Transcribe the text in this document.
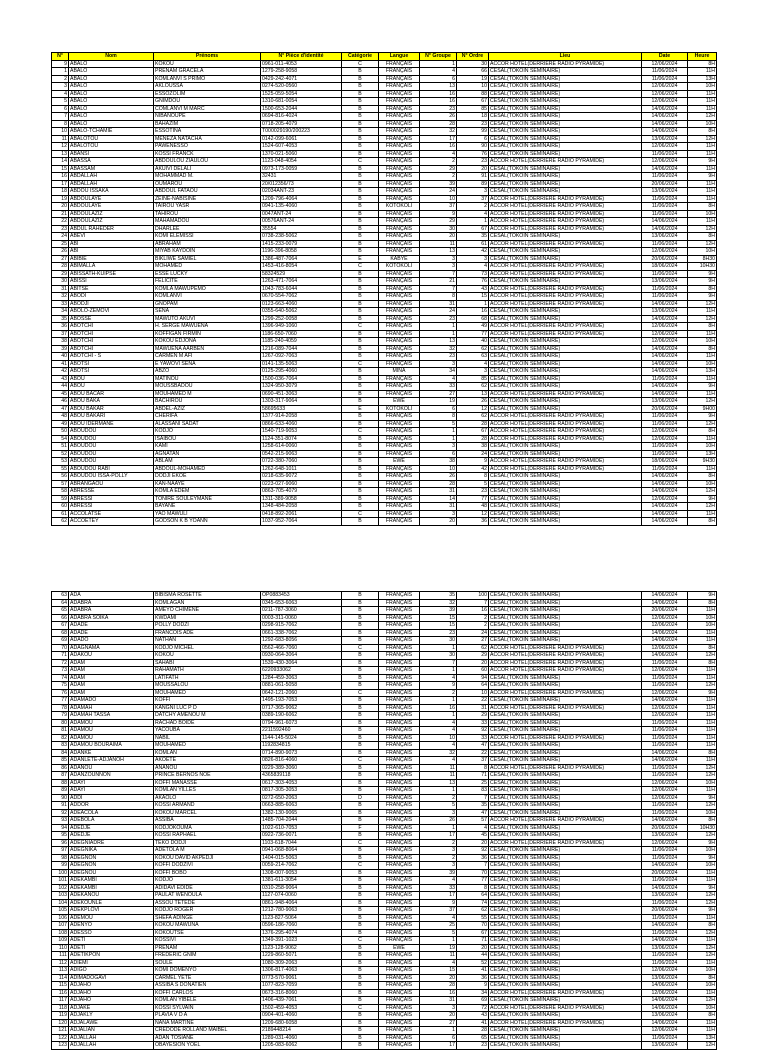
N°	Nom	Prénoms	N° Pièce d'identité	Catégorie	Langue	N° Groupe	N° Ordre	Lieu	Date	Heure
9	ABALO	KOKOU	0961-011-4053	C	FRANÇAIS	1	30	ACCOR HOTEL(DERRIERE RADIO PYRAMIDE)	12/06/2024	8H
1	ABALO	PRENAM GRACELA	1279-258-9058	B	FRANÇAIS	4	66	CESAL(TOKOIN SEMINAIRE)	11/06/2024	11H
2	ABALO	KOMLANVI S PRIMO	0429-242-4071	B	FRANÇAIS	6	19	CESAL(TOKOIN SEMINAIRE)	11/06/2024	13H
3	ABALO	AKLOUSSA	0274-520-0560	B	FRANÇAIS	13	10	CESAL(TOKOIN SEMINAIRE)	12/06/2024	10H
4	ABALO	ESSOZOLIM	1525-059-5054	B	FRANÇAIS	16	88	CESAL(TOKOIN SEMINAIRE)	12/06/2024	11H
5	ABALO	GNIMDOU	1310-681-0054	B	FRANÇAIS	16	67	CESAL(TOKOIN SEMINAIRE)	12/06/2024	11H
6	ABALO	COMLANVI M MARC	1500-653-2044	B	FRANÇAIS	23	85	CESAL(TOKOIN SEMINAIRE)	14/06/2024	11H
7	ABALO	NIBANOUPE	0694-816-4024	B	FRANÇAIS	26	18	CESAL(TOKOIN SEMINAIRE)	14/06/2024	12H
8	ABALO	BAHAZIM	0718-205-4079	B	FRANÇAIS	28	23	CESAL(TOKOIN SEMINAIRE)	14/06/2024	10H
10	ABALO-TCHAMIE	ESSOTINA	T000029190/200223	B	FRANÇAIS	32	99	CESAL(TOKOIN SEMINAIRE)	14/06/2024	8H
11	ABALOTOU	MENEZA NATACHA	0142-099-6061	B	FRANÇAIS	17	6	CESAL(TOKOIN SEMINAIRE)	13/06/2024	12H
12	ABALOTOU	PAWENESSO	1524-607-4053	B	FRANÇAIS	16	90	CESAL(TOKOIN SEMINAIRE)	12/06/2024	11H
13	ABANSI	KOSSI FRANCK	1370-021-5060	B	FRANÇAIS	4	76	CESAL(TOKOIN SEMINAIRE)	11/06/2024	11H
14	ABASSA	ABDOULOU ZIAULOU	1123-048-4054	C	FRANÇAIS	2	23	ACCOR HOTEL(DERRIERE RADIO PYRAMIDE)	12/06/2024	9H
15	ABASSAM	AKUIVI DELALI	0973-173-0059	B	FRANÇAIS	29	20	CESAL(TOKOIN SEMINAIRE)	14/06/2024	11H
16	ABDALLAH	MOHAMMAD M.	32431	B	FRANÇAIS	2	91	CESAL(TOKOIN SEMINAIRE)	11/06/2024	9H
17	ABDALLAH	OUMAROU	20/012356/73	B	FRANÇAIS	39	89	CESAL(TOKOIN SEMINAIRE)	20/06/2024	11H
18	ABDOU ISSAKA	ABDOUL FATAOU	02034ANT-23	B	FRANÇAIS	24	3	CESAL(TOKOIN SEMINAIRE)	13/06/2024	11H
19	ABDOULAYE	ZEINE-NABISINE	1209-796-4064	B	FRANÇAIS	10	37	ACCOR HOTEL(DERRIERE RADIO PYRAMIDE)	11/06/2024	11H
20	ABDOULAYE	TAIROU YASR	0941-135-4060	B	KOTOKOLI	37	2	ACCOR HOTEL(DERRIERE RADIO PYRAMIDE)	11/06/2024	8H
21	ABDOULAZIZ	TAHIROU	0047ANT-24	B	FRANÇAIS	9	4	ACCOR HOTEL(DERRIERE RADIO PYRAMIDE)	11/06/2024	10H
22	ABDOULAZIZ	MAHAMADOU	00576ANT-24	B	FRANÇAIS	29	1	ACCOR HOTEL(DERRIERE RADIO PYRAMIDE)	14/06/2024	11H
23	ABDUL RAHEDER	DHARLEE	35554	B	FRANÇAIS	30	67	ACCOR HOTEL(DERRIERE RADIO PYRAMIDE)	14/06/2024	12H
24	ABEVI	KOMI ELEMISSI	0738-238-5062	B	FRANÇAIS	20	35	CESAL(TOKOIN SEMINAIRE)	13/06/2024	8H
25	ABI	ABRAHAM	1415-233-0079	B	FRANÇAIS	11	61	ACCOR HOTEL(DERRIERE RADIO PYRAMIDE)	11/06/2024	12H
26	ABI	MIYAB KAYDOIN	1196-396-8058	B	FRANÇAIS	13	42	CESAL(TOKOIN SEMINAIRE)	12/06/2024	10H
27	ABIBIE	BIKLIWE SAMIEL	1386-487-7064	E	KABYE	3	3	CESAL(TOKOIN SEMINAIRE)	20/06/2024	8H30
28	ABIMALLA	MOHAMED	1453-416-8054	C	KOTOKOLI	3	4	ACCOR HOTEL(DERRIERE RADIO PYRAMIDE)	18/06/2024	10H30
29	ABISSATH-KUIPSE	ESSE LUCKY	58324529	B	FRANÇAIS	7	73	ACCOR HOTEL(DERRIERE RADIO PYRAMIDE)	11/06/2024	9H
30	ABISSI	FELICITE	1263-471-7064	B	FRANÇAIS	21	76	CESAL(TOKOIN SEMINAIRE)	13/06/2024	9H
31	ABITSE	KOMLA MAWUPEMO	1043-783-6044	B	FRANÇAIS	7	43	ACCOR HOTEL(DERRIERE RADIO PYRAMIDE)	11/06/2024	8H
32	ABODI	KOMLANVI	0670-554-7062	B	FRANÇAIS	8	15	ACCOR HOTEL(DERRIERE RADIO PYRAMIDE)	11/06/2024	9H
33	ABODJI	GNOPAM	0123-663-4060	B	FRANÇAIS	31	1	ACCOR HOTEL(DERRIERE RADIO PYRAMIDE)	14/06/2024	12H
34	ABOLO-ZEMOVI	SENA	0355-640-5062	B	FRANÇAIS	24	16	CESAL(TOKOIN SEMINAIRE)	13/06/2024	11H
35	ABOSSE	MAWUTO AKUVI	1299-252-0058	B	FRANÇAIS	23	68	CESAL(TOKOIN SEMINAIRE)	14/06/2024	12H
36	ABOTCHI	H. SERGE MAWUENA	1396-949-1060	C	FRANÇAIS	1	49	ACCOR HOTEL(DERRIERE RADIO PYRAMIDE)	12/06/2024	8H
37	ABOTCHI	KOFFIGAN FIRMIN	1186-650-7060	B	FRANÇAIS	1	77	ACCOR HOTEL(DERRIERE RADIO PYRAMIDE)	12/06/2024	11H
38	ABOTCHI	KOKOU EDJONA	1185-240-4059	B	FRANÇAIS	13	40	CESAL(TOKOIN SEMINAIRE)	12/06/2024	10H
39	ABOTCHI	MAWUENA AARBEN	1216-089-7044	B	FRANÇAIS	32	62	CESAL(TOKOIN SEMINAIRE)	14/06/2024	8H
40	ABOTCHI - S	CARMEN M AFI	1267-092-7063	B	FRANÇAIS	23	63	CESAL(TOKOIN SEMINAIRE)	14/06/2024	11H
41	ABOTSI	E YAWOVI SENA	0141-135-5063	C	FRANÇAIS	3	4	CESAL(TOKOIN SEMINAIRE)	14/06/2024	10H
42	ABOTSI	ABZO	0125-295-4060	B	MINA	34	3	CESAL(TOKOIN SEMINAIRE)	14/06/2024	13H
43	ABOU	MATINOU	1500-036-7064	B	FRANÇAIS	4	85	CESAL(TOKOIN SEMINAIRE)	11/06/2024	11H
44	ABOU	MOUSSBADOU	1324-950-3079	B	FRANÇAIS	33	62	CESAL(TOKOIN SEMINAIRE)	14/06/2024	9H
45	ABOU BACAR	MOUHAMED M	0690-451-3063	B	FRANÇAIS	27	13	ACCOR HOTEL(DERRIERE RADIO PYRAMIDE)	14/06/2024	11H
46	ABOU BAKA	BACHIROU	1303-317-9064	B	EWE	19	26	CESAL(TOKOIN SEMINAIRE)	13/06/2024	12H
47	ABOU BAKAR	ABDEL-AZIZ	58695633	E	KOTOKOLI	6	12	CESAL(TOKOIN SEMINAIRE)	20/06/2024	9H00
48	ABOU BAKARI	CHERIFA	1377-914-2058	B	FRANÇAIS	8	62	ACCOR HOTEL(DERRIERE RADIO PYRAMIDE)	11/06/2024	9H
49	ABOU IDERMANE	ALASSANI SADAT	0866-633-4060	B	FRANÇAIS	5	28	ACCOR HOTEL(DERRIERE RADIO PYRAMIDE)	11/06/2024	12H
50	ABOUDOU	KODJO	1540-719-9053	C	FRANÇAIS	1	67	ACCOR HOTEL(DERRIERE RADIO PYRAMIDE)	12/06/2024	8H
54	ABOUDOU	ISAIBOU	1124-351-8074	B	FRANÇAIS	1	28	ACCOR HOTEL(DERRIERE RADIO PYRAMIDE)	12/06/2024	11H
51	ABOUDOU	KAMI	1258-614-0060	B	FRANÇAIS	3	38	CESAL(TOKOIN SEMINAIRE)	11/06/2024	10H
52	ABOUDOU	AGNATAN	0542-215-9063	B	FRANÇAIS	6	24	CESAL(TOKOIN SEMINAIRE)	11/06/2024	13H
53	ABOUDOU	ABLAM	0722-380-7060	B	EWE	38	9	ACCOR HOTEL(DERRIERE RADIO PYRAMIDE)	18/06/2024	9H30
55	ABOUDOU RABI	ABDOUL-MOHAMED	1262-648-1011	B	FRANÇAIS	10	42	ACCOR HOTEL(DERRIERE RADIO PYRAMIDE)	11/06/2024	11H
56	ABOUDOU ISSA-POLLY	DODJI EKOE	0218-635-9072	B	FRANÇAIS	26	8	CESAL(TOKOIN SEMINAIRE)	14/06/2024	8H
57	ABRANGAOU	KAN-NAAYE	0223-027-9060	B	FRANÇAIS	28	5	CESAL(TOKOIN SEMINAIRE)	14/06/2024	10H
58	ABRESSE	KOMLA EDEM	0863-705-4079	B	FRANÇAIS	31	23	CESAL(TOKOIN SEMINAIRE)	14/06/2024	12H
59	ABRESSI	TONIRE SOULEYMANE	1311-389-9058	B	FRANÇAIS	14	77	CESAL(TOKOIN SEMINAIRE)	12/06/2024	9H
60	ABRESSI	BAYANE	1348-484-2058	B	FRANÇAIS	31	48	CESAL(TOKOIN SEMINAIRE)	14/06/2024	12H
61	ACCOLATSE	YAO MAWULI	0418-892-2061	C	FRANÇAIS	3	12	CESAL(TOKOIN SEMINAIRE)	14/06/2024	11H
62	ACCOETEY	GODSON K B YOANN	1037-952-7064	B	FRANÇAIS	20	36	CESAL(TOKOIN SEMINAIRE)	14/06/2024	8H
63	ADA	BIBISMA ROSETTE	OP0883453	B	FRANÇAIS	35	100	CESAL(TOKOIN SEMINAIRE)	14/06/2024	9H
64	ADABRA	KOMLAGAN	0345-653-6063	B	FRANÇAIS	32	7	CESAL(TOKOIN SEMINAIRE)	14/06/2024	8H
65	ADABRA	AMEYO CHIMENE	0211-787-3060	B	FRANÇAIS	39	16	CESAL(TOKOIN SEMINAIRE)	20/06/2024	11H
66	ADABRA SOIKA	KWDAMI	0003-311-0060	B	FRANÇAIS	15	2	CESAL(TOKOIN SEMINAIRE)	12/06/2024	10H
67	ADADE	POLLY DODZI	0298-915-7062	B	FRANÇAIS	15	2	CESAL(TOKOIN SEMINAIRE)	12/06/2024	10H
68	ADADE	FRANCOIS ADE	0661-338-7062	B	FRANÇAIS	23	24	CESAL(TOKOIN SEMINAIRE)	14/06/2024	11H
69	ADADO	NATHAN	1292-683-8056	B	FRANÇAIS	30	27	CESAL(TOKOIN SEMINAIRE)	14/06/2024	11H
70	ADAGNAMA	KODJO MICHEL	0562-466-7060	C	FRANÇAIS	1	62	ACCOR HOTEL(DERRIERE RADIO PYRAMIDE)	12/06/2024	8H
71	ADAKOU	KOKOU	0930-064-3064	B	FRANÇAIS	30	29	ACCOR HOTEL(DERRIERE RADIO PYRAMIDE)	14/06/2024	12H
72	ADAM	SAHABI	1539-430-3064	B	FRANÇAIS	7	20	ACCOR HOTEL(DERRIERE RADIO PYRAMIDE)	11/06/2024	8H
73	ADAM	RAHAMATH	6220933062	B	FRANÇAIS	1	60	ACCOR HOTEL(DERRIERE RADIO PYRAMIDE)	12/06/2024	11H
74	ADAM	LATIFATH	1284-459-3063	B	FRANÇAIS	4	94	CESAL(TOKOIN SEMINAIRE)	11/06/2024	11H
75	ADAM	MOUSSALOU	0881-061-5058	B	FRANÇAIS	9	64	CESAL(TOKOIN SEMINAIRE)	11/06/2024	12H
76	ADAM	MOUHAMED	0642-121-2060	C	FRANÇAIS	2	10	ACCOR HOTEL(DERRIERE RADIO PYRAMIDE)	12/06/2024	9H
77	ADAMADO	KOFFI	1495-193-7053	B	FRANÇAIS	1	22	CESAL(TOKOIN SEMINAIRE)	14/06/2024	11H
78	ADAMAH	KANGNI LUC P D	0717-365-9062	B	FRANÇAIS	16	31	ACCOR HOTEL(DERRIERE RADIO PYRAMIDE)	12/06/2024	11H
79	ADAMAH TASSA	DATCHY AMENOU M	0389-190-6062	B	FRANÇAIS	1	29	CESAL(TOKOIN SEMINAIRE)	12/06/2024	11H
80	ADAMOU	RACHAD BOIDE	0794-961-6073	B	FRANÇAIS	4	33	CESAL(TOKOIN SEMINAIRE)	11/06/2024	11H
81	ADAMOU	YACOUBA	2211592460	B	FRANÇAIS	4	92	CESAL(TOKOIN SEMINAIRE)	11/06/2024	11H
82	ADAMOU	NABIL	1144-145-5024	B	FRANÇAIS	10	33	ACCOR HOTEL(DERRIERE RADIO PYRAMIDE)	11/06/2024	11H
83	ADAMOU BOURAIMA	MOUHAMED	1192834815	B	FRANÇAIS	4	47	CESAL(TOKOIN SEMINAIRE)	11/06/2024	11H
84	ADANKE	KOMLAN	0714-890-9073	B	FRANÇAIS	32	22	CESAL(TOKOIN SEMINAIRE)	14/06/2024	8H
85	ADANLETE-ADJANOH	AKOETE	0826-816-4060	C	FRANÇAIS	4	37	CESAL(TOKOIN SEMINAIRE)	14/06/2024	11H
86	ADANOU	ANANOU	0229-389-3060	B	FRANÇAIS	11	8	ACCOR HOTEL(DERRIERE RADIO PYRAMIDE)	11/06/2024	12H
87	ADANZOUNNON	PRINCE BERNOS NOE	4365839118	B	FRANÇAIS	11	71	CESAL(TOKOIN SEMINAIRE)	11/06/2024	12H
88	ADAYI	KOFFI MANASSE	0617-303-4053	B	FRANÇAIS	13	25	CESAL(TOKOIN SEMINAIRE)	12/06/2024	10H
89	ADAYI	KOMLAN YILLES	0817-305-3053	B	FRANÇAIS	1	83	CESAL(TOKOIN SEMINAIRE)	12/06/2024	11H
90	ADDI	AKAOLO	0272-650-2063	D	FRANÇAIS	2	7	CESAL(TOKOIN SEMINAIRE)	12/06/2024	9H
91	ADDOR	KOSSI ARMAND	0663-885-6063	B	FRANÇAIS	5	35	CESAL(TOKOIN SEMINAIRE)	11/06/2024	12H
92	ADEACOLA	KOKOU MARCEL	1382-130-9065	B	FRANÇAIS	3	47	CESAL(TOKOIN SEMINAIRE)	11/06/2024	10H
93	ADEBOLA	ASSIBA	1485-704-2044	B	FRANÇAIS	26	57	ACCOR HOTEL(DERRIERE RADIO PYRAMIDE)	14/06/2024	8H
94	ADEDJE	KODJOKOUMA	1022-610-7053	F	FRANÇAIS	1	4	CESAL(TOKOIN SEMINAIRE)	20/06/2024	10H30
95	ADEDJE	KOSSI RAPHAEL	0922-736-0071	B	FRANÇAIS	17	45	CESAL(TOKOIN SEMINAIRE)	13/06/2024	12H
96	ADEGNIADRE	TEKO DODJI	1103-618-7044	C	FRANÇAIS	2	20	ACCOR HOTEL(DERRIERE RADIO PYRAMIDE)	12/06/2024	9H
97	ADEGNIKA	ADETOLA M	0941-068-8064	B	FRANÇAIS	3	92	CESAL(TOKOIN SEMINAIRE)	11/06/2024	10H
98	ADEGNON	KOKOU DAVID AKPEDJI	1404-015-5063	B	FRANÇAIS	2	36	CESAL(TOKOIN SEMINAIRE)	11/06/2024	9H
99	ADEGNON	KOFFI DODZIVI	0059-214-7062	C	FRANÇAIS	3	7	CESAL(TOKOIN SEMINAIRE)	14/06/2024	10H
100	ADEGNOU	KOFFI BOBO	1308-007-9053	B	FRANÇAIS	39	70	CESAL(TOKOIN SEMINAIRE)	20/06/2024	11H
101	ADEKAMBI	KODJO	1381-611-3054	B	FRANÇAIS	4	77	CESAL(TOKOIN SEMINAIRE)	11/06/2024	11H
102	ADEKAMBI	ADIDAVI EDIDE	0310-258-9064	B	FRANÇAIS	33	8	CESAL(TOKOIN SEMINAIRE)	14/06/2024	9H
103	ADEKANOU	PAULAT WENOULA	1127-074-0060	B	FRANÇAIS	17	64	CESAL(TOKOIN SEMINAIRE)	13/06/2024	12H
104	ADEKOUNLE	ASSOU TETEDE	0861-948-4064	B	FRANÇAIS	9	74	CESAL(TOKOIN SEMINAIRE)	11/06/2024	12H
105	ADEKPLOVI	KODJO ROGER	1212-780-9063	B	FRANÇAIS	37	62	CESAL(TOKOIN SEMINAIRE)	20/06/2024	9H
106	ADEMOU	SHEFA ADINGE	1123-827-5064	B	FRANÇAIS	4	55	CESAL(TOKOIN SEMINAIRE)	11/06/2024	11H
107	ADENYO	KOKOU MAWUNA	0596-186-7060	B	FRANÇAIS	25	70	CESAL(TOKOIN SEMINAIRE)	14/06/2024	8H
108	ADESSO	KOKOUTSE	1376-295-4074	B	FRANÇAIS	5	67	CESAL(TOKOIN SEMINAIRE)	11/06/2024	12H
109	ADETI	KOSSIVI	1349-391-1023	C	FRANÇAIS	1	71	CESAL(TOKOIN SEMINAIRE)	14/06/2024	11H
110	ADETI	PRENAM	1123-128-9062	B	EWE	19	20	CESAL(TOKOIN SEMINAIRE)	13/06/2024	12H
111	ADETIKPON	FREDERIC GNIM	1229-860-5071	B	FRANÇAIS	11	44	CESAL(TOKOIN SEMINAIRE)	11/06/2024	12H
112	ADIEMI	SOULE	1080-309-2063	B	FRANÇAIS	4	52	CESAL(TOKOIN SEMINAIRE)	11/06/2024	11H
113	ADIGO	KOMI DOMENYO	1306-817-4063	B	FRANÇAIS	15	41	CESAL(TOKOIN SEMINAIRE)	12/06/2024	10H
114	ADIMADOGAVI	CARMEL YETE	0773-570-9061	B	FRANÇAIS	20	36	CESAL(TOKOIN SEMINAIRE)	13/06/2024	8H
115	ADJAHO	ASSIBA S DONATIEN	1077-823-7059	B	FRANÇAIS	28	9	CESAL(TOKOIN SEMINAIRE)	14/06/2024	10H
116	ADJAHO	KOFFI CARLOS	0673-316-8060	B	FRANÇAIS	16	34	ACCOR HOTEL(DERRIERE RADIO PYRAMIDE)	12/06/2024	11H
117	ADJAHO	KOMLAN YIBELE	1406-439-7061	B	FRANÇAIS	31	69	CESAL(TOKOIN SEMINAIRE)	14/06/2024	12H
118	ADJAKE	KOSSI SYLVAIN	1502-459-4053	C	FRANÇAIS	3	72	ACCOR HOTEL(DERRIERE RADIO PYRAMIDE)	14/06/2024	10H
119	ADJAKLY	PLAVIA V D A	0904-401-4060	B	FRANÇAIS	20	43	CESAL(TOKOIN SEMINAIRE)	13/06/2024	8H
120	ADJALAWE	NANA MARTINE	1209-680-6058	B	FRANÇAIS	27	41	ACCOR HOTEL(DERRIERE RADIO PYRAMIDE)	14/06/2024	11H
121	ADJALIAN	CREDODE ROLLAND MAIBEL	2189448214	B	FRANÇAIS	1	28	CESAL(TOKOIN SEMINAIRE)	12/06/2024	11H
122	ADJALLAH	ADAN TOSIANE	1289-031-4060	B	FRANÇAIS	6	65	CESAL(TOKOIN SEMINAIRE)	11/06/2024	13H
123	ADJALLAH	OBAYESION YOEL	1205-083-6062	B	FRANÇAIS	17	23	CESAL(TOKOIN SEMINAIRE)	13/06/2024	12H
